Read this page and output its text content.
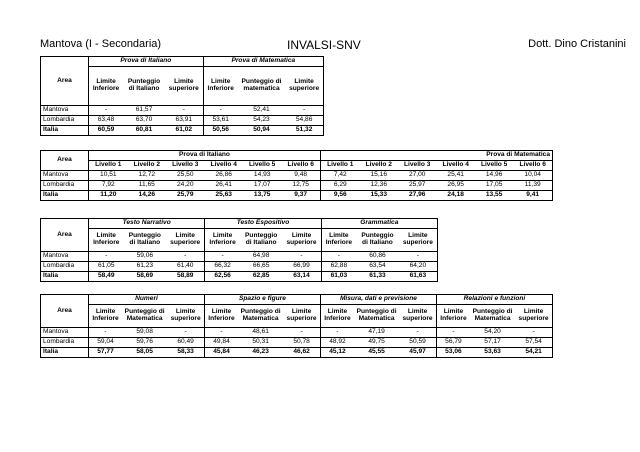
Mantova (I - Secondaria)	INVALSI-SNV	Dott. Dino Cristanini
Area	Prova di Italiano			Prova di Matematica		
	Limite Inferiore	Punteggio di Italiano	Limite superiore	Limite Inferiore	Punteggio di matematica	Limite superiore
Mantova	-	61,57	-	-	52,41	-
Lombardia	63,48	63,70	63,91	53,61	54,23	54,86
Italia	60,59	60,81	61,02	50,56	50,94	51,32
Area	Prova di Italiano						Prova di Matematica					
	Livello 1	Livello 2	Livello 3	Livello 4	Livello 5	Livello 6	Livello 1	Livello 2	Livello 3	Livello 4	Livello 5	Livello 6
Mantova	10,51	12,72	25,50	26,86	14,93	9,48	7,42	15,16	27,00	25,41	14,96	10,04
Lombardia	7,92	11,65	24,20	26,41	17,07	12,75	6,29	12,36	25,97	26,95	17,05	11,39
Italia	11,20	14,26	25,79	25,63	13,75	9,37	9,56	15,33	27,96	24,18	13,55	9,41
Area	Testo Narrativo			Testo Espositivo			Grammatica		
	Limite Inferiore	Punteggio di Italiano	Limite superiore	Limite Inferiore	Punteggio di Italiano	Limite superiore	Limite Inferiore	Punteggio di Italiano	Limite superiore
Mantova	-	59,06	-	-	64,98	-	-	60,86	-
Lombardia	61,05	61,23	61,40	66,32	66,65	66,99	62,88	63,54	64,20
Italia	58,49	58,69	58,89	62,56	62,85	63,14	61,03	61,33	61,63
Area	Numeri			Spazio e figure			Misura, dati e previsione			Relazioni e funzioni		
	Limite Inferiore	Punteggio di Matematica	Limite superiore	Limite Inferiore	Punteggio di Matematica	Limite superiore	Limite Inferiore	Punteggio di Matematica	Limite superiore	Limite Inferiore	Punteggio di Matematica	Limite superiore
Mantova	-	59,08	-	-	48,61	-	-	47,19	-	-	54,20	-
Lombardia	59,04	59,76	60,49	49,84	50,31	50,78	48,92	49,75	50,59	56,79	57,17	57,54
Italia	57,77	58,05	58,33	45,84	46,23	46,62	45,12	45,55	45,97	53,06	53,63	54,21
